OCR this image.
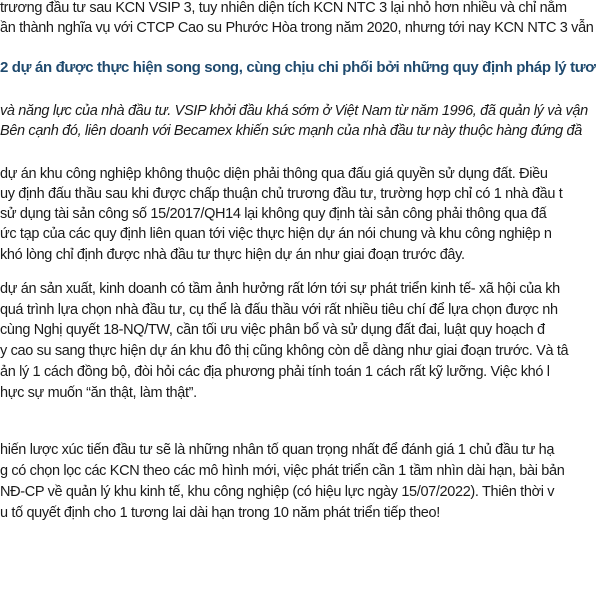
trương đầu tư sau KCN VSIP 3, tuy nhiên diện tích KCN NTC 3 lại nhỏ hơn nhiều và chỉ nằm
ần thành nghĩa vụ với CTCP Cao su Phước Hòa trong năm 2020, nhưng tới nay KCN NTC 3 vẫn
2 dự án được thực hiện song song, cùng chịu chi phối bởi những quy định pháp lý tươ
và năng lực của nhà đầu tư. VSIP khởi đầu khá sớm ở Việt Nam từ năm 1996, đã quản lý và vận
Bên cạnh đó, liên doanh với Becamex khiến sức mạnh của nhà đầu tư này thuộc hàng đứng đầ
dự án khu công nghiệp không thuộc diện phải thông qua đấu giá quyền sử dụng đất. Điều
uy định đấu thầu sau khi được chấp thuận chủ trương đầu tư, trường hợp chỉ có 1 nhà đầu t
sử dụng tài sản công số 15/2017/QH14 lại không quy định tài sản công phải thông qua đấ
ức tạp của các quy định liên quan tới việc thực hiện dự án nói chung và khu công nghiệp n
khó lòng chỉ định được nhà đầu tư thực hiện dự án như giai đoạn trước đây.
dự án sản xuất, kinh doanh có tầm ảnh hưởng rất lớn tới sự phát triển kinh tế- xã hội của kh
quá trình lựa chọn nhà đầu tư, cụ thể là đấu thầu với rất nhiều tiêu chí để lựa chọn được nh
cùng Nghị quyết 18-NQ/TW, cần tối ưu việc phân bổ và sử dụng đất đai, luật quy hoạch đ
y cao su sang thực hiện dự án khu đô thị cũng không còn dễ dàng như giai đoạn trước. Và tâ
ản lý 1 cách đồng bộ, đòi hỏi các địa phương phải tính toán 1 cách rất kỹ lưỡng. Việc khó l
hực sự muốn “ăn thật, làm thật”.
hiến lược xúc tiến đầu tư sẽ là những nhân tố quan trọng nhất để đánh giá 1 chủ đầu tư hạ
g có chọn lọc các KCN theo các mô hình mới, việc phát triển cần 1 tầm nhìn dài hạn, bài bản
NĐ-CP về quản lý khu kinh tế, khu công nghiệp (có hiệu lực ngày 15/07/2022). Thiên thời v
u tố quyết định cho 1 tương lai dài hạn trong 10 năm phát triển tiếp theo!
